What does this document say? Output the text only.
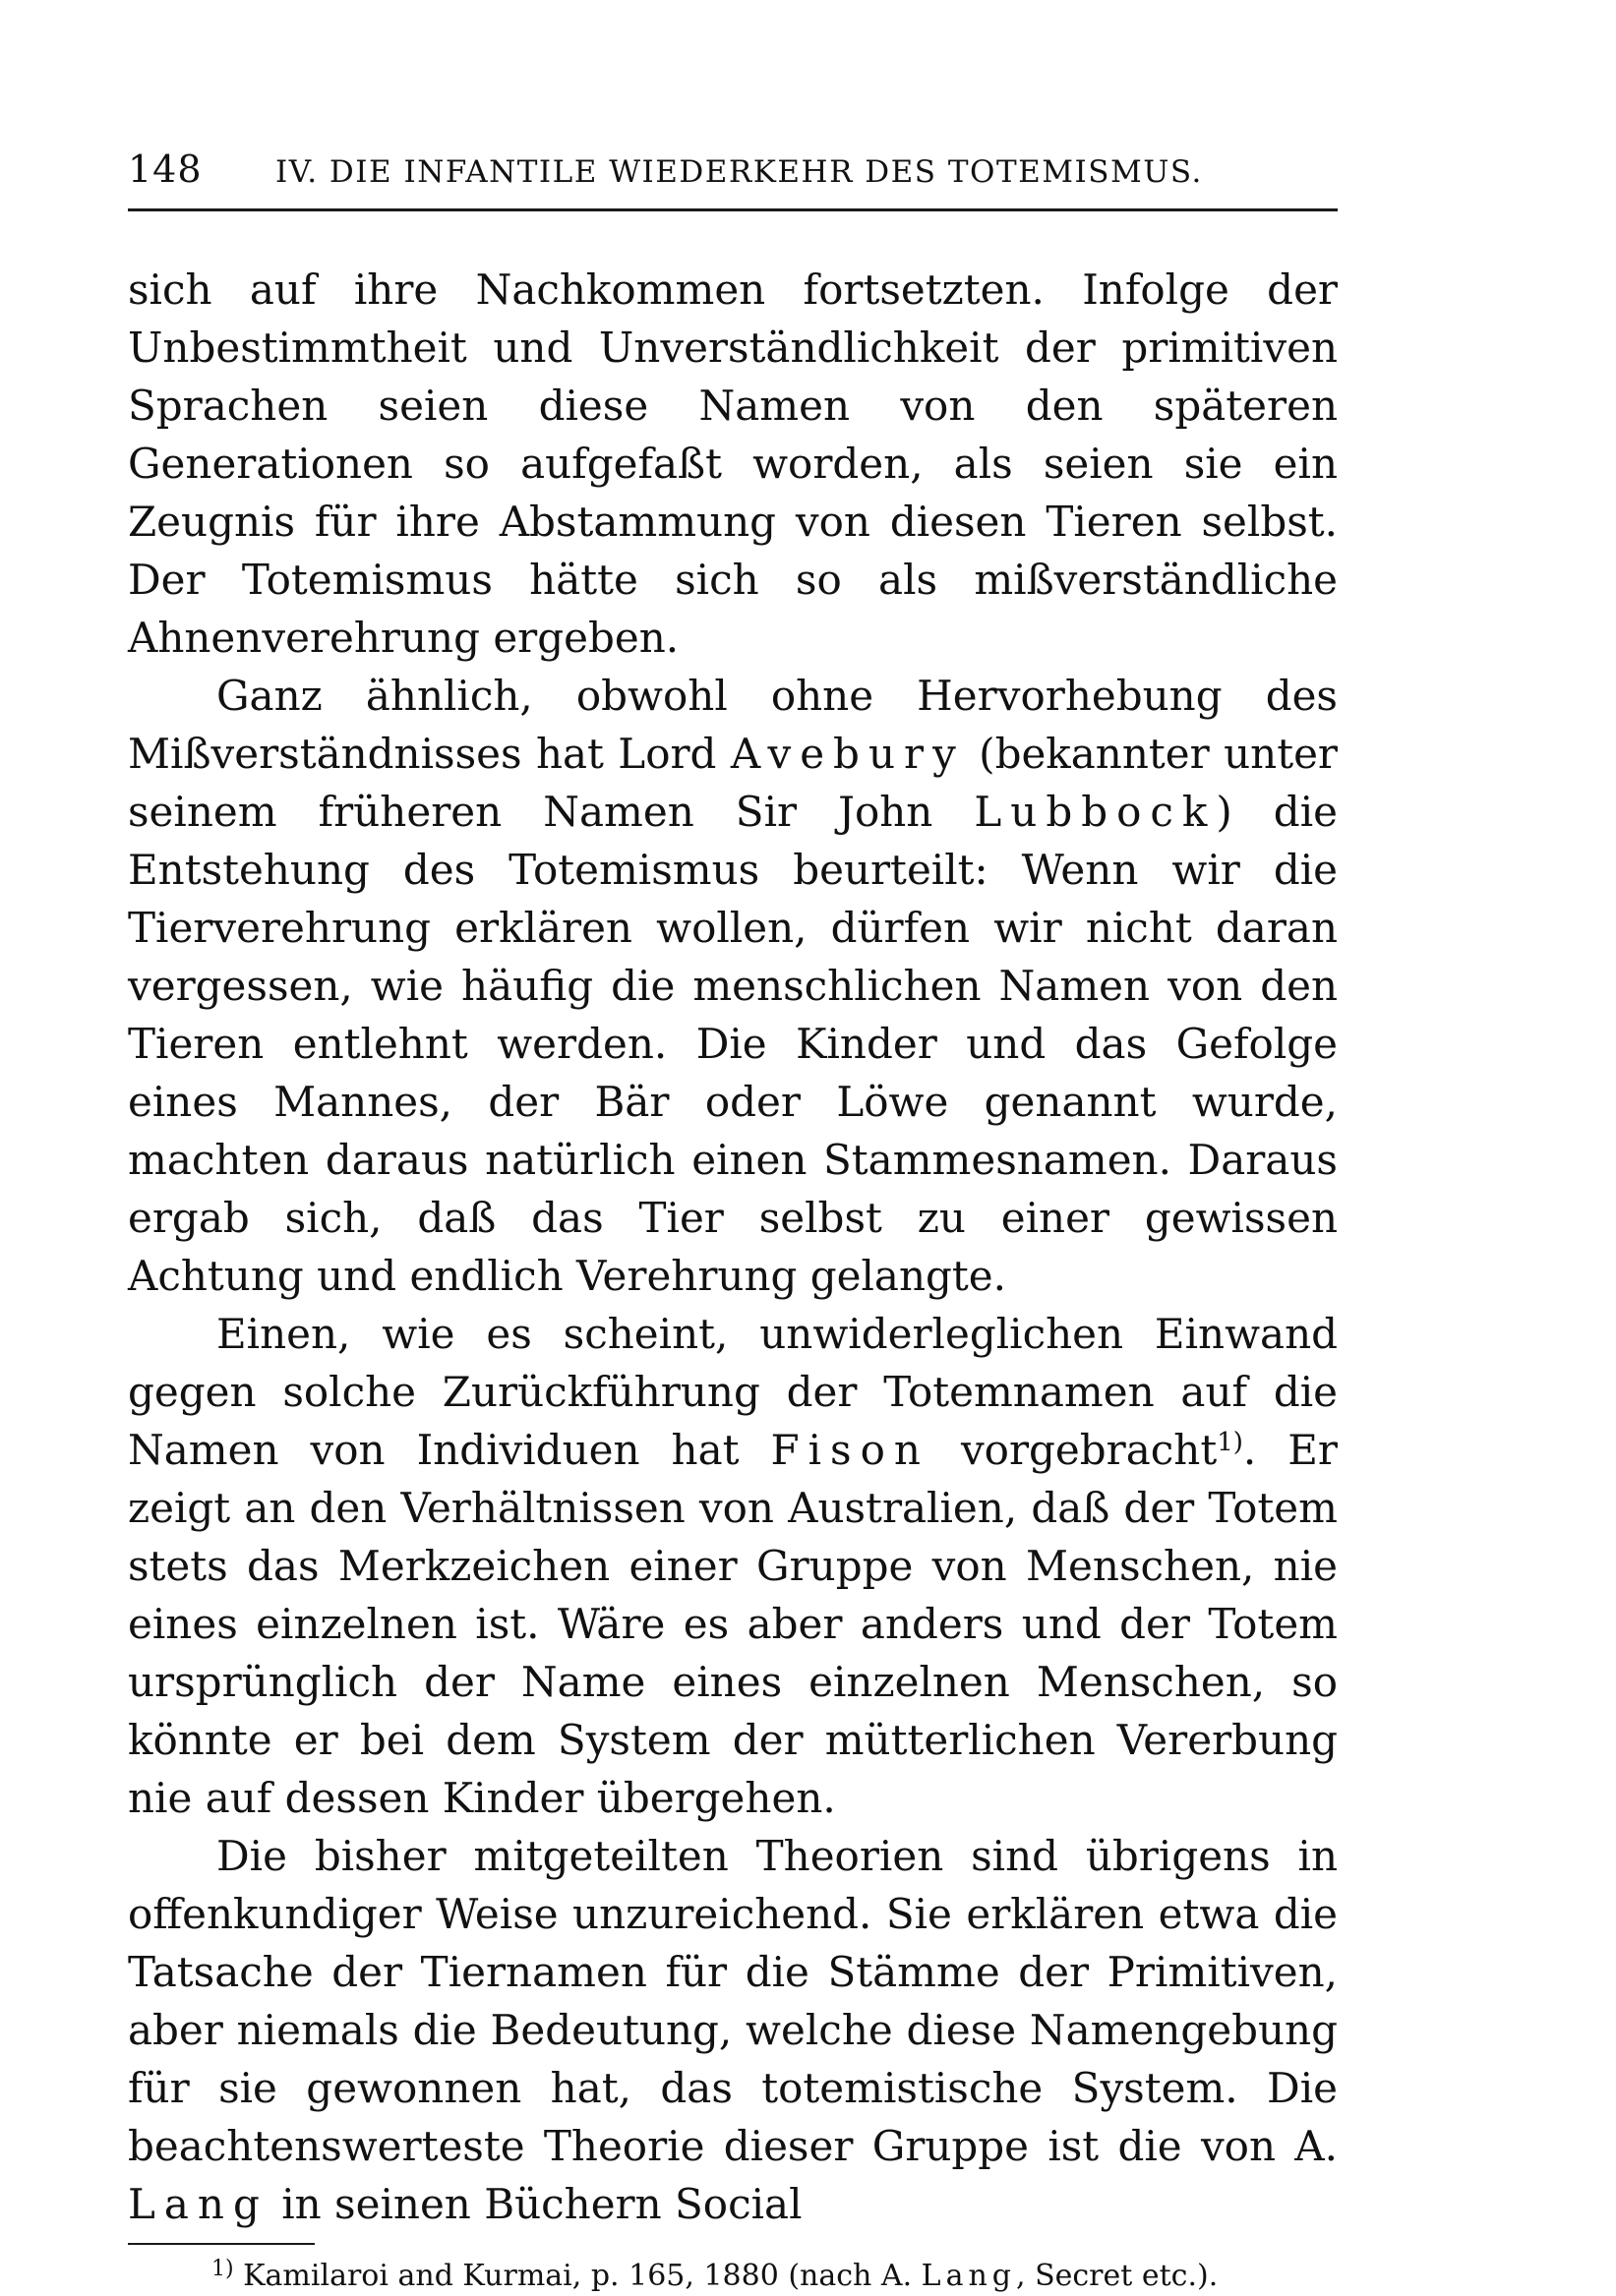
148	IV. DIE INFANTILE WIEDERKEHR DES TOTEMISMUS.

sich auf ihre Nachkommen fortsetzten. Infolge der Unbestimmtheit und Unverständlichkeit der primitiven Sprachen seien diese Namen von den späteren Generationen so aufgefaßt worden, als seien sie ein Zeugnis für ihre Abstammung von diesen Tieren selbst. Der Totemismus hätte sich so als mißverständliche Ahnenverehrung ergeben.

Ganz ähnlich, obwohl ohne Hervorhebung des Mißverständnisses hat Lord Avebury (bekannter unter seinem früheren Namen Sir John Lubbock) die Entstehung des Totemismus beurteilt: Wenn wir die Tierverehrung erklären wollen, dürfen wir nicht daran vergessen, wie häufig die menschlichen Namen von den Tieren entlehnt werden. Die Kinder und das Gefolge eines Mannes, der Bär oder Löwe genannt wurde, machten daraus natürlich einen Stammesnamen. Daraus ergab sich, daß das Tier selbst zu einer gewissen Achtung und endlich Verehrung gelangte.

Einen, wie es scheint, unwiderleglichen Einwand gegen solche Zurückführung der Totemnamen auf die Namen von Individuen hat Fison vorgebracht$^{1)}$. Er zeigt an den Verhältnissen von Australien, daß der Totem stets das Merkzeichen einer Gruppe von Menschen, nie eines einzelnen ist. Wäre es aber anders und der Totem ursprünglich der Name eines einzelnen Menschen, so könnte er bei dem System der mütterlichen Vererbung nie auf dessen Kinder übergehen.

Die bisher mitgeteilten Theorien sind übrigens in offenkundiger Weise unzureichend. Sie erklären etwa die Tatsache der Tiernamen für die Stämme der Primitiven, aber niemals die Bedeutung, welche diese Namengebung für sie gewonnen hat, das totemistische System. Die beachtenswerteste Theorie dieser Gruppe ist die von A. Lang in seinen Büchern Social

$^{1)}$ Kamilaroi and Kurmai, p. 165, 1880 (nach A. Lang, Secret etc.).
